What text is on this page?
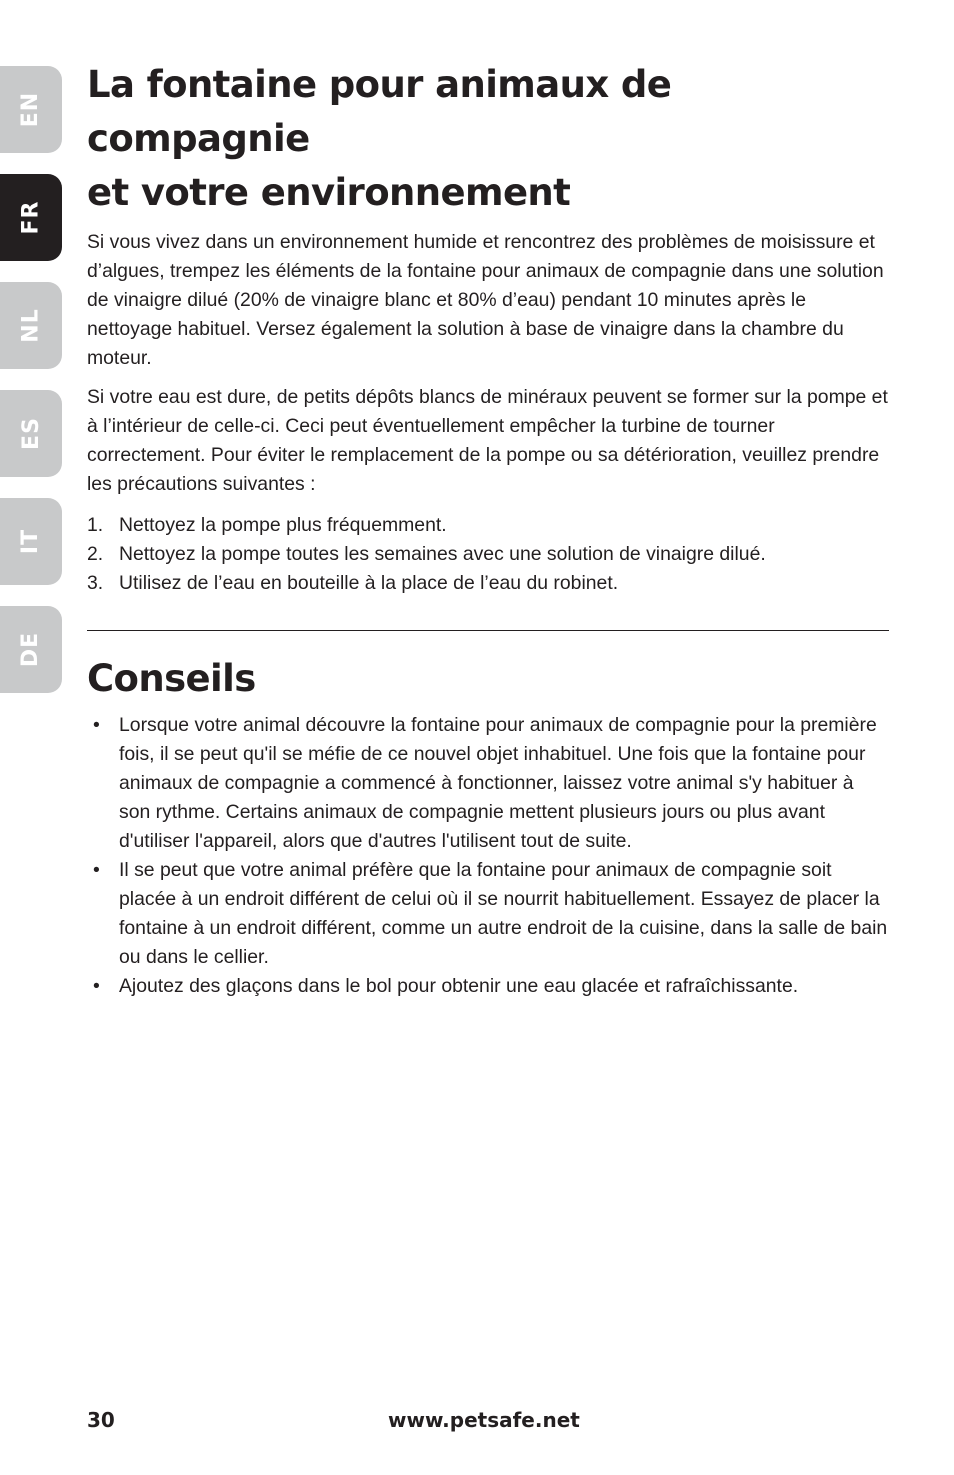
EN
FR
NL
ES
IT
DE
La fontaine pour animaux de compagnie
et votre environnement

Si vous vivez dans un environnement humide et rencontrez des problèmes de moisissure et d’algues, trempez les éléments de la fontaine pour animaux de compagnie dans une solution de vinaigre dilué (20% de vinaigre blanc et 80% d’eau) pendant 10 minutes après le nettoyage habituel. Versez également la solution à base de vinaigre dans la chambre du moteur.

Si votre eau est dure, de petits dépôts blancs de minéraux peuvent se former sur la pompe et à l’intérieur de celle-ci. Ceci peut éventuellement empêcher la turbine de tourner correctement. Pour éviter le remplacement de la pompe ou sa détérioration, veuillez prendre les précautions suivantes :

1. Nettoyez la pompe plus fréquemment.
2. Nettoyez la pompe toutes les semaines avec une solution de vinaigre dilué.
3. Utilisez de l’eau en bouteille à la place de l’eau du robinet.
Conseils
• Lorsque votre animal découvre la fontaine pour animaux de compagnie pour la première fois, il se peut qu'il se méfie de ce nouvel objet inhabituel. Une fois que la fontaine pour animaux de compagnie a commencé à fonctionner, laissez votre animal s'y habituer à son rythme. Certains animaux de compagnie mettent plusieurs jours ou plus avant d'utiliser l'appareil, alors que d'autres l'utilisent tout de suite.
• Il se peut que votre animal préfère que la fontaine pour animaux de compagnie soit placée à un endroit différent de celui où il se nourrit habituellement. Essayez de placer la fontaine à un endroit différent, comme un autre endroit de la cuisine, dans la salle de bain ou dans le cellier.
• Ajoutez des glaçons dans le bol pour obtenir une eau glacée et rafraîchissante.
30	www.petsafe.net
